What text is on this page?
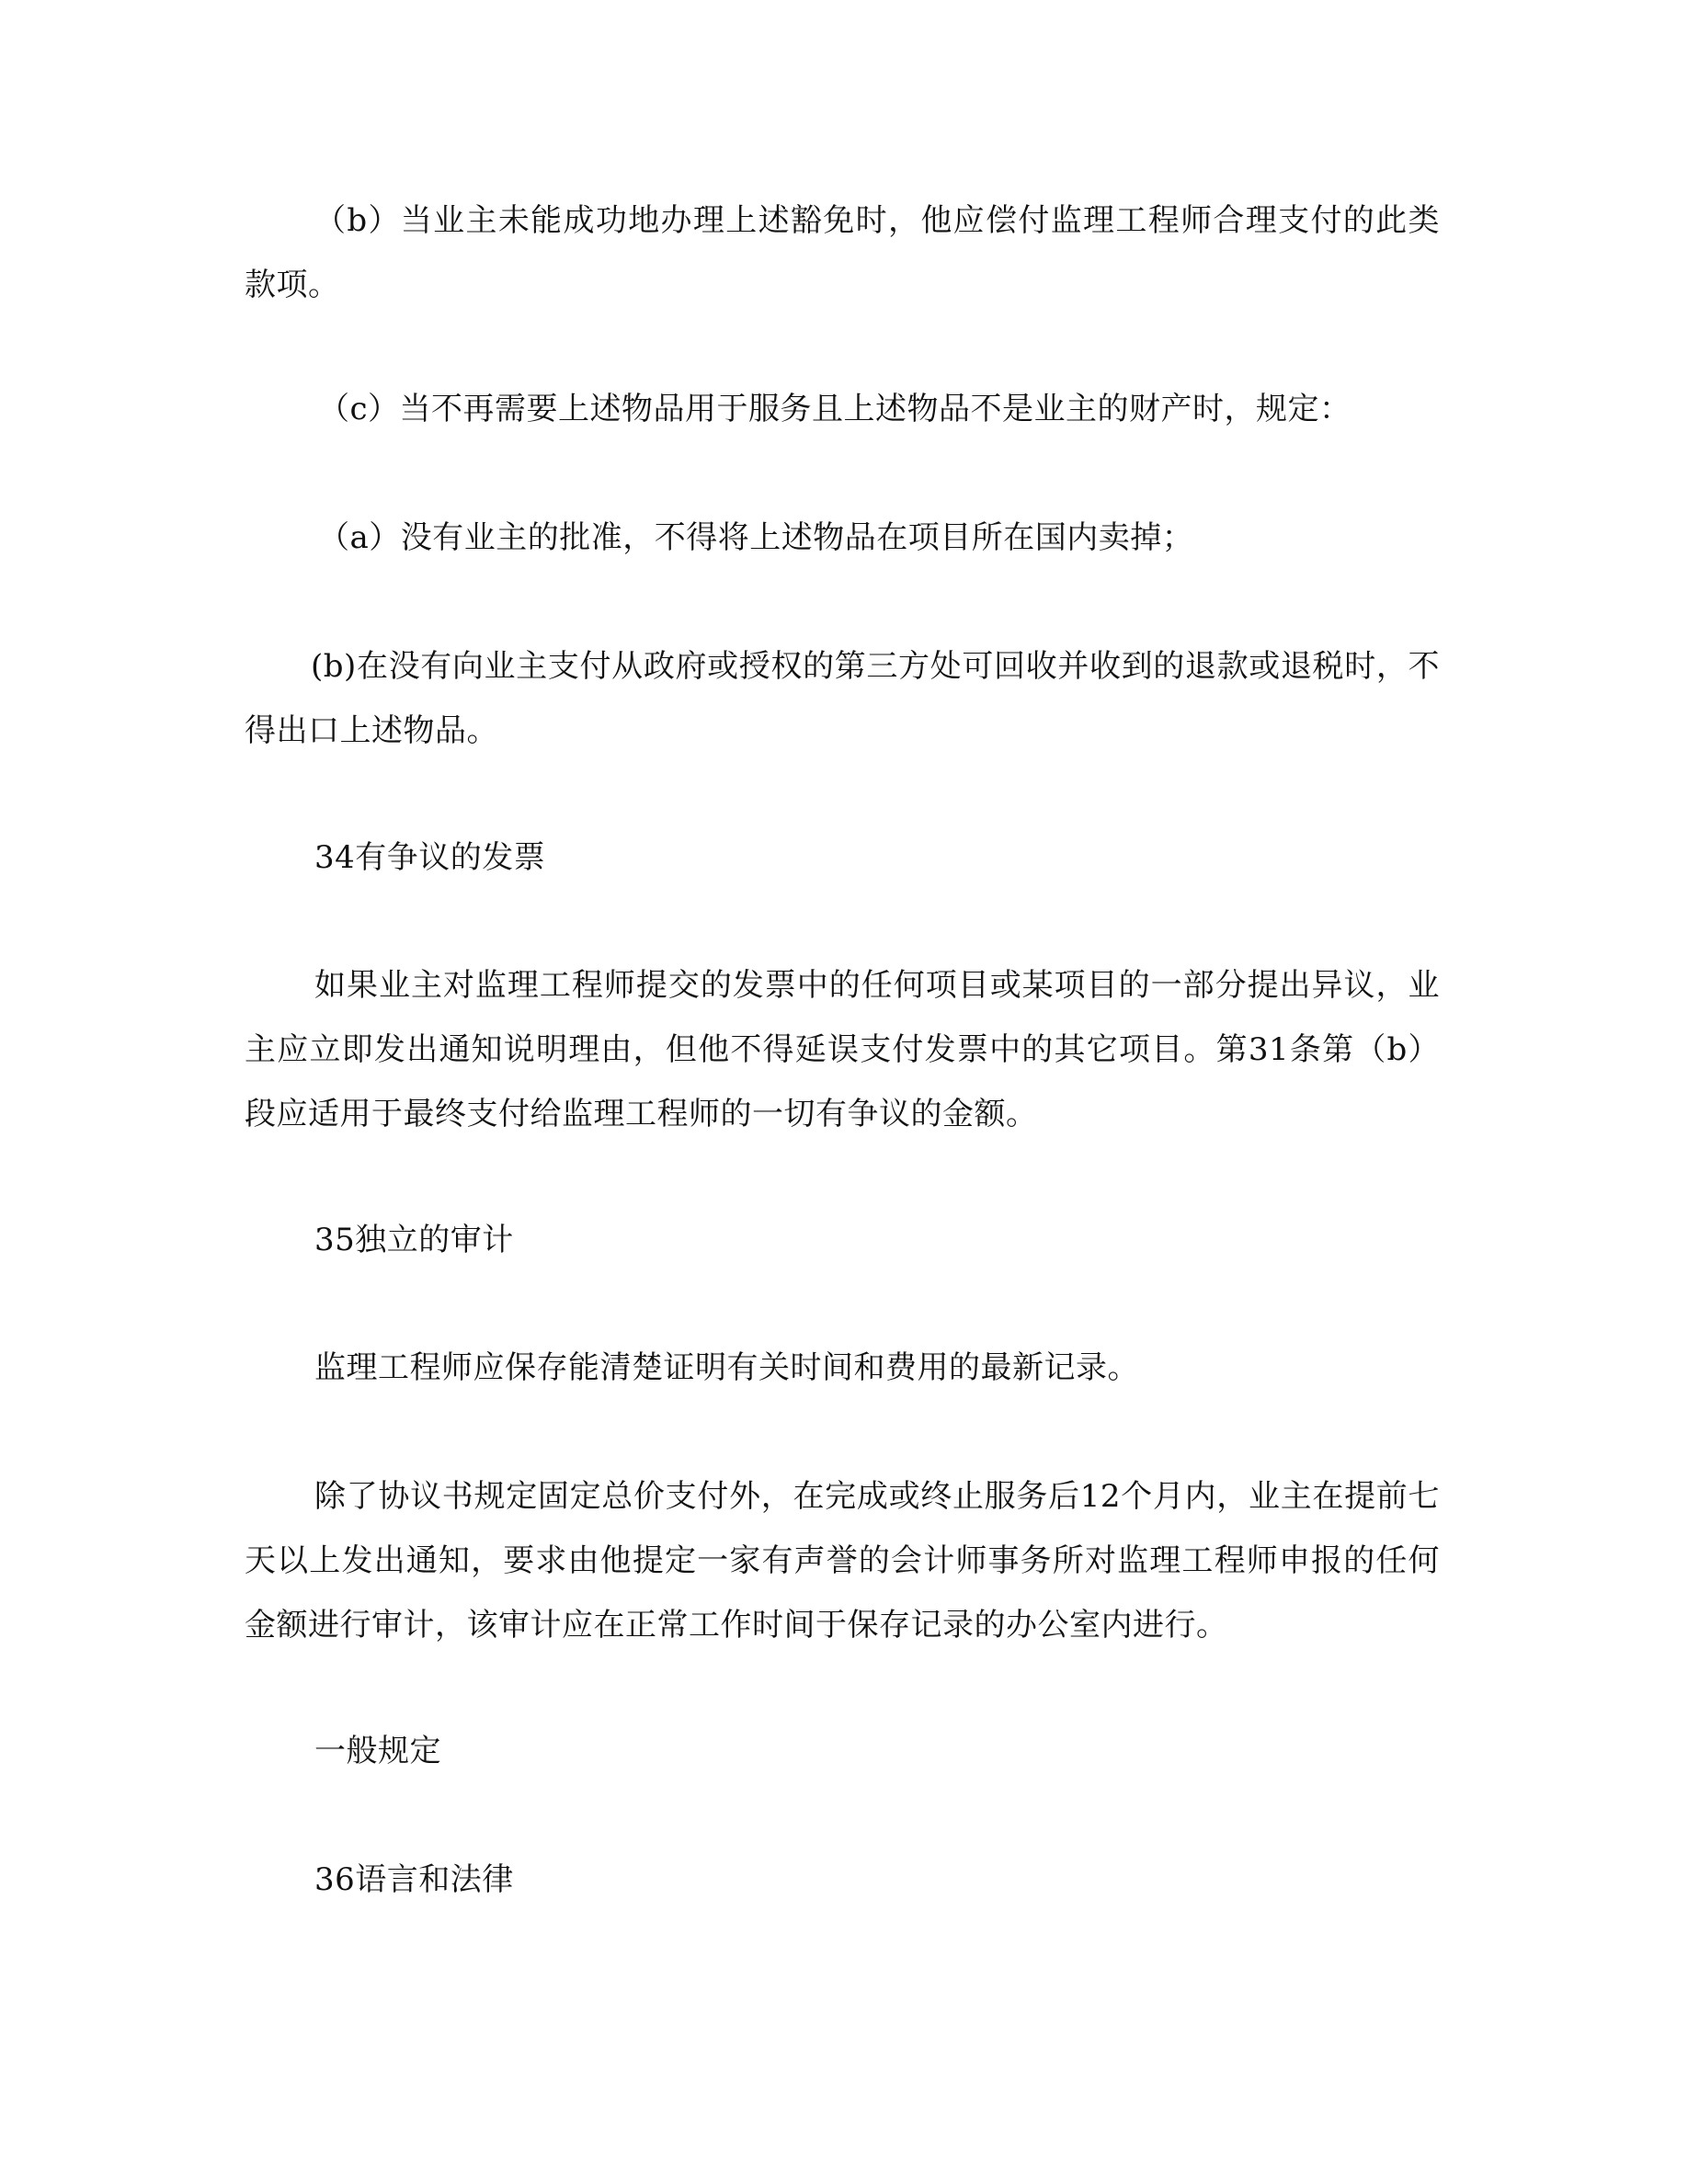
（b）当业主未能成功地办理上述豁免时，他应偿付监理工程师合理支付的此类款项。

（c）当不再需要上述物品用于服务且上述物品不是业主的财产时，规定：

（a）没有业主的批准，不得将上述物品在项目所在国内卖掉；

(b)在没有向业主支付从政府或授权的第三方处可回收并收到的退款或退税时，不得出口上述物品。

34有争议的发票

如果业主对监理工程师提交的发票中的任何项目或某项目的一部分提出异议，业主应立即发出通知说明理由，但他不得延误支付发票中的其它项目。第31条第（b）段应适用于最终支付给监理工程师的一切有争议的金额。

35独立的审计

监理工程师应保存能清楚证明有关时间和费用的最新记录。

除了协议书规定固定总价支付外，在完成或终止服务后12个月内，业主在提前七天以上发出通知，要求由他提定一家有声誉的会计师事务所对监理工程师申报的任何金额进行审计，该审计应在正常工作时间于保存记录的办公室内进行。

一般规定

36语言和法律
